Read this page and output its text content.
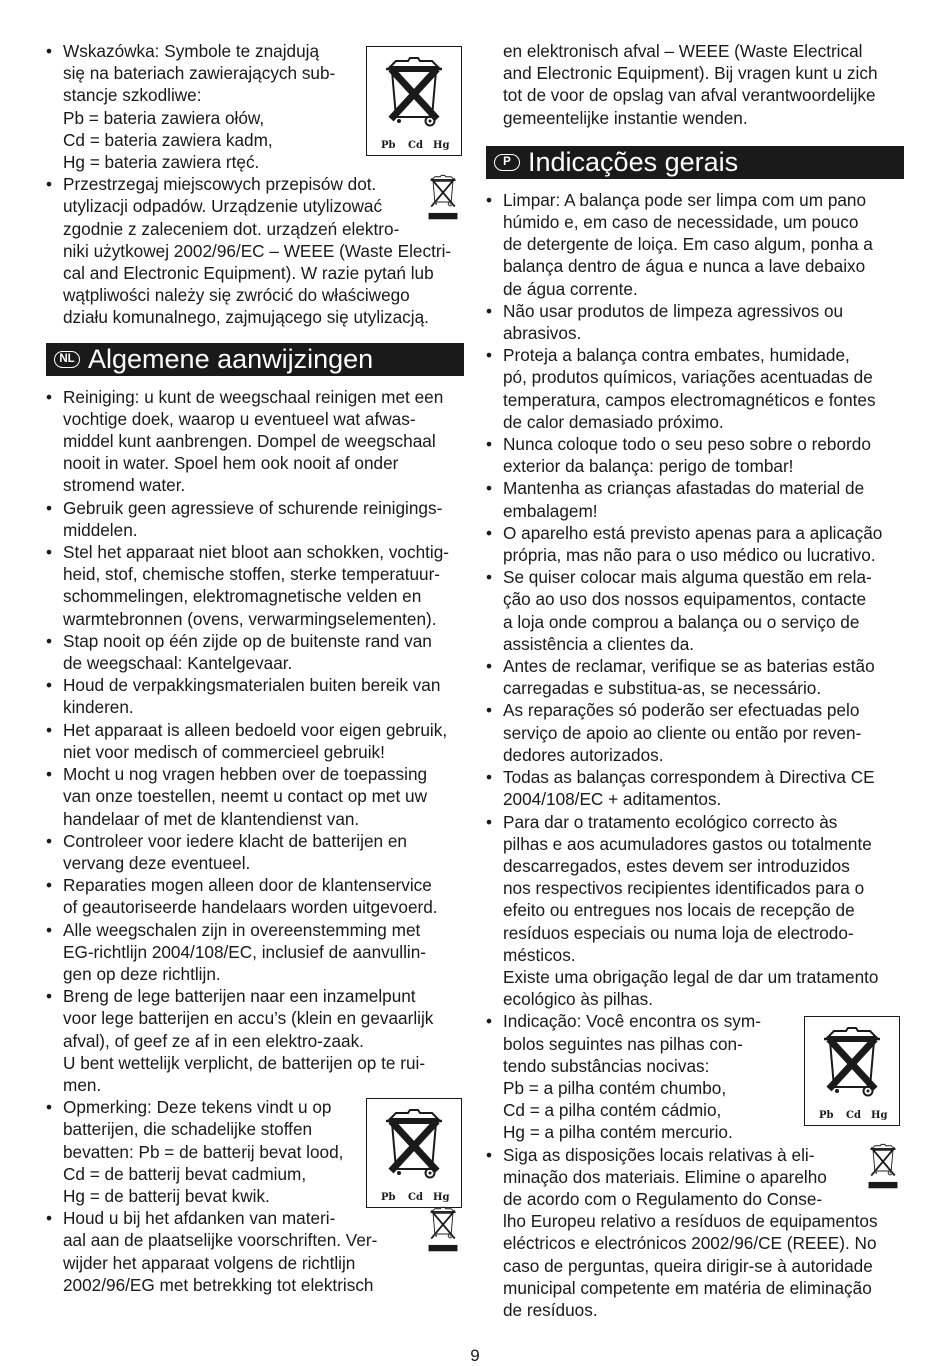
• Wskazówka: Symbole te znajdują
się na bateriach zawierających sub-
stancje szkodliwe:
Pb = bateria zawiera ołów,
Cd = bateria zawiera kadm,
Hg = bateria zawiera rtęć.
Pb Cd Hg
• Przestrzegaj miejscowych przepisów dot.
utylizacji odpadów. Urządzenie utylizować
zgodnie z zaleceniem dot. urządzeń elektro-
niki użytkowej 2002/96/EC – WEEE (Waste Electri-
cal and Electronic Equipment). W razie pytań lub
wątpliwości należy się zwrócić do właściwego
działu komunalnego, zajmującego się utylizacją.
NL Algemene aanwijzingen
• Reiniging: u kunt de weegschaal reinigen met een
vochtige doek, waarop u eventueel wat afwas-
middel kunt aanbrengen. Dompel de weegschaal
nooit in water. Spoel hem ook nooit af onder
stromend water.
• Gebruik geen agressieve of schurende reinigings-
middelen.
• Stel het apparaat niet bloot aan schokken, vochtig-
heid, stof, chemische stoffen, sterke temperatuur-
schommelingen, elektromagnetische velden en
warmtebronnen (ovens, verwarmingselementen).
• Stap nooit op één zijde op de buitenste rand van
de weegschaal: Kantelgevaar.
• Houd de verpakkingsmaterialen buiten bereik van
kinderen.
• Het apparaat is alleen bedoeld voor eigen gebruik,
niet voor medisch of commercieel gebruik!
• Mocht u nog vragen hebben over de toepassing
van onze toestellen, neemt u contact op met uw
handelaar of met de klantendienst van.
• Controleer voor iedere klacht de batterijen en
vervang deze eventueel.
• Reparaties mogen alleen door de klantenservice
of geautoriseerde handelaars worden uitgevoerd.
• Alle weegschalen zijn in overeenstemming met
EG-richtlijn 2004/108/EC, inclusief de aanvullin-
gen op deze richtlijn.
• Breng de lege batterijen naar een inzamelpunt
voor lege batterijen en accu’s (klein en gevaarlijk
afval), of geef ze af in een elektro-zaak.
U bent wettelijk verplicht, de batterijen op te rui-
men.
• Opmerking: Deze tekens vindt u op
batterijen, die schadelijke stoffen
bevatten: Pb = de batterij bevat lood,
Cd = de batterij bevat cadmium,
Hg = de batterij bevat kwik.	Pb Cd Hg
• Houd u bij het afdanken van materi-
aal aan de plaatselijke voorschriften. Ver-
wijder het apparaat volgens de richtlijn
2002/96/EG met betrekking tot elektrisch
en elektronisch afval – WEEE (Waste Electrical
and Electronic Equipment). Bij vragen kunt u zich
tot de voor de opslag van afval verantwoordelijke
gemeentelijke instantie wenden.
P Indicações gerais
• Limpar: A balança pode ser limpa com um pano
húmido e, em caso de necessidade, um pouco
de detergente de loiça. Em caso algum, ponha a
balança dentro de água e nunca a lave debaixo
de água corrente.
• Não usar produtos de limpeza agressivos ou
abrasivos.
• Proteja a balança contra embates, humidade,
pó, produtos químicos, variações acentuadas de
temperatura, campos electromagnéticos e fontes
de calor demasiado próximo.
• Nunca coloque todo o seu peso sobre o rebordo
exterior da balança: perigo de tombar!
• Mantenha as crianças afastadas do material de
embalagem!
• O aparelho está previsto apenas para a aplicação
própria, mas não para o uso médico ou lucrativo.
• Se quiser colocar mais alguma questão em rela-
ção ao uso dos nossos equipamentos, contacte
a loja onde comprou a balança ou o serviço de
assistência a clientes da.
• Antes de reclamar, verifique se as baterias estão
carregadas e substitua-as, se necessário.
• As reparações só poderão ser efectuadas pelo
serviço de apoio ao cliente ou então por reven-
dedores autorizados.
• Todas as balanças correspondem à Directiva CE
2004/108/EC + aditamentos.
• Para dar o tratamento ecológico correcto às
pilhas e aos acumuladores gastos ou totalmente
descarregados, estes devem ser introduzidos
nos respectivos recipientes identificados para o
efeito ou entregues nos locais de recepção de
resíduos especiais ou numa loja de electrodo-
mésticos.
Existe uma obrigação legal de dar um tratamento
ecológico às pilhas.
• Indicação: Você encontra os sym-
bolos seguintes nas pilhas con-
tendo substâncias nocivas:
Pb = a pilha contém chumbo,
Cd = a pilha contém cádmio,
Hg = a pilha contém mercurio.
Pb Cd Hg
• Siga as disposições locais relativas à eli-
minação dos materiais. Elimine o aparelho
de acordo com o Regulamento do Conse-
lho Europeu relativo a resíduos de equipamentos
eléctricos e electrónicos 2002/96/CE (REEE). No
caso de perguntas, queira dirigir-se à autoridade
municipal competente em matéria de eliminação
de resíduos.
9
